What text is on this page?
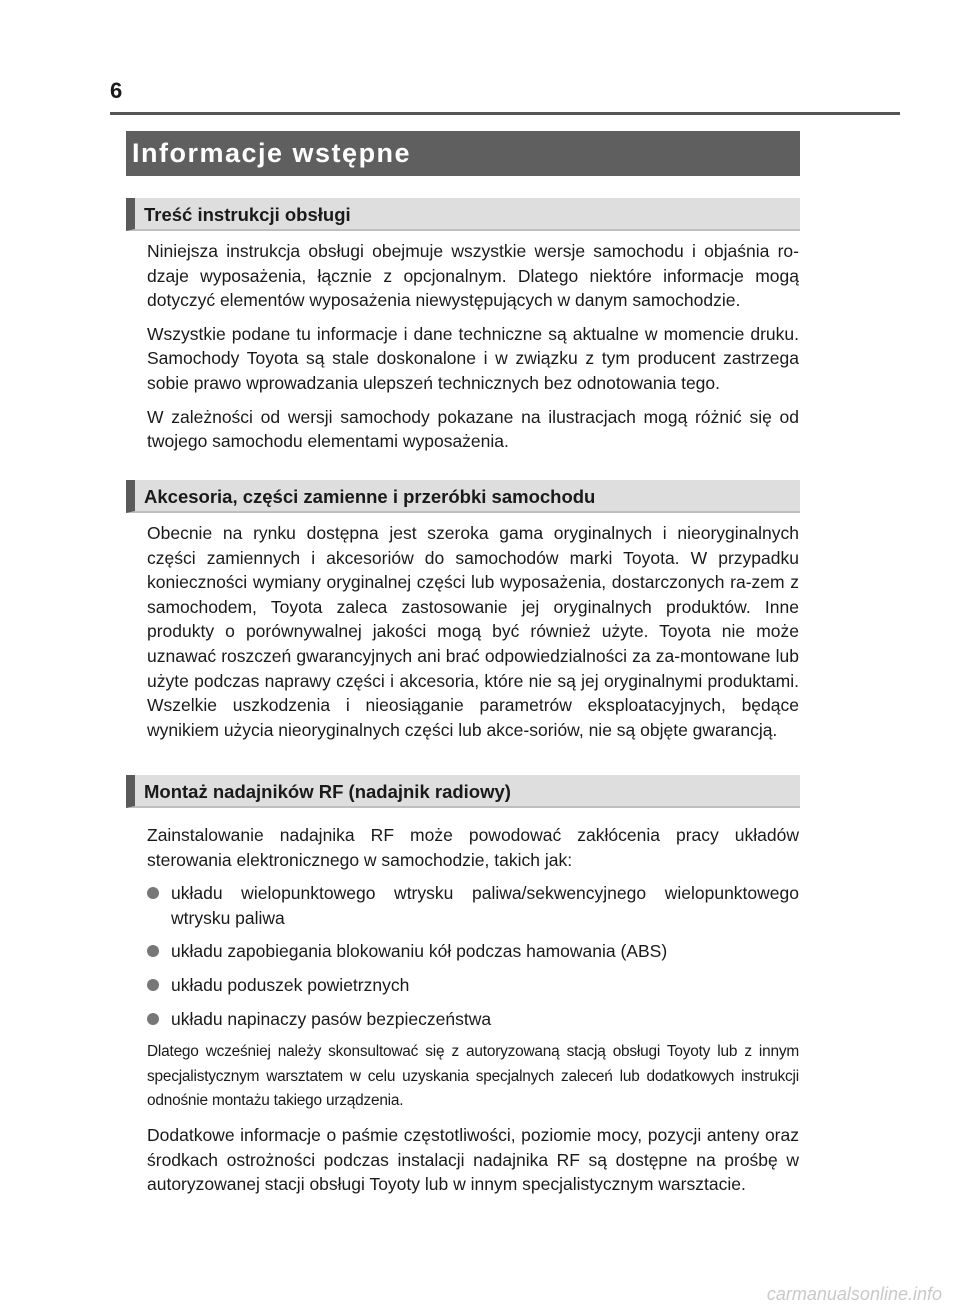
6
Informacje wstępne
Treść instrukcji obsługi

Niniejsza instrukcja obsługi obejmuje wszystkie wersje samochodu i objaśnia ro-dzaje wyposażenia, łącznie z opcjonalnym. Dlatego niektóre informacje mogą dotyczyć elementów wyposażenia niewystępujących w danym samochodzie.

Wszystkie podane tu informacje i dane techniczne są aktualne w momencie druku. Samochody Toyota są stale doskonalone i w związku z tym producent zastrzega sobie prawo wprowadzania ulepszeń technicznych bez odnotowania tego.

W zależności od wersji samochody pokazane na ilustracjach mogą różnić się od twojego samochodu elementami wyposażenia.

Akcesoria, części zamienne i przeróbki samochodu

Obecnie na rynku dostępna jest szeroka gama oryginalnych i nieoryginalnych części zamiennych i akcesoriów do samochodów marki Toyota. W przypadku konieczności wymiany oryginalnej części lub wyposażenia, dostarczonych ra-zem z samochodem, Toyota zaleca zastosowanie jej oryginalnych produktów. Inne produkty o porównywalnej jakości mogą być również użyte. Toyota nie może uznawać roszczeń gwarancyjnych ani brać odpowiedzialności za za-montowane lub użyte podczas naprawy części i akcesoria, które nie są jej oryginalnymi produktami. Wszelkie uszkodzenia i nieosiąganie parametrów eksploatacyjnych, będące wynikiem użycia nieoryginalnych części lub akce-soriów, nie są objęte gwarancją.

Montaż nadajników RF (nadajnik radiowy)

Zainstalowanie nadajnika RF może powodować zakłócenia pracy układów sterowania elektronicznego w samochodzie, takich jak:

układu wielopunktowego wtrysku paliwa/sekwencyjnego wielopunktowego wtrysku paliwa
układu zapobiegania blokowaniu kół podczas hamowania (ABS)
układu poduszek powietrznych
układu napinaczy pasów bezpieczeństwa

Dlatego wcześniej należy skonsultować się z autoryzowaną stacją obsługi Toyoty lub z innym specjalistycznym warsztatem w celu uzyskania specjalnych zaleceń lub dodatkowych instrukcji odnośnie montażu takiego urządzenia.

Dodatkowe informacje o paśmie częstotliwości, poziomie mocy, pozycji anteny oraz środkach ostrożności podczas instalacji nadajnika RF są dostępne na prośbę w autoryzowanej stacji obsługi Toyoty lub w innym specjalistycznym warsztacie.

carmanualsonline.info
